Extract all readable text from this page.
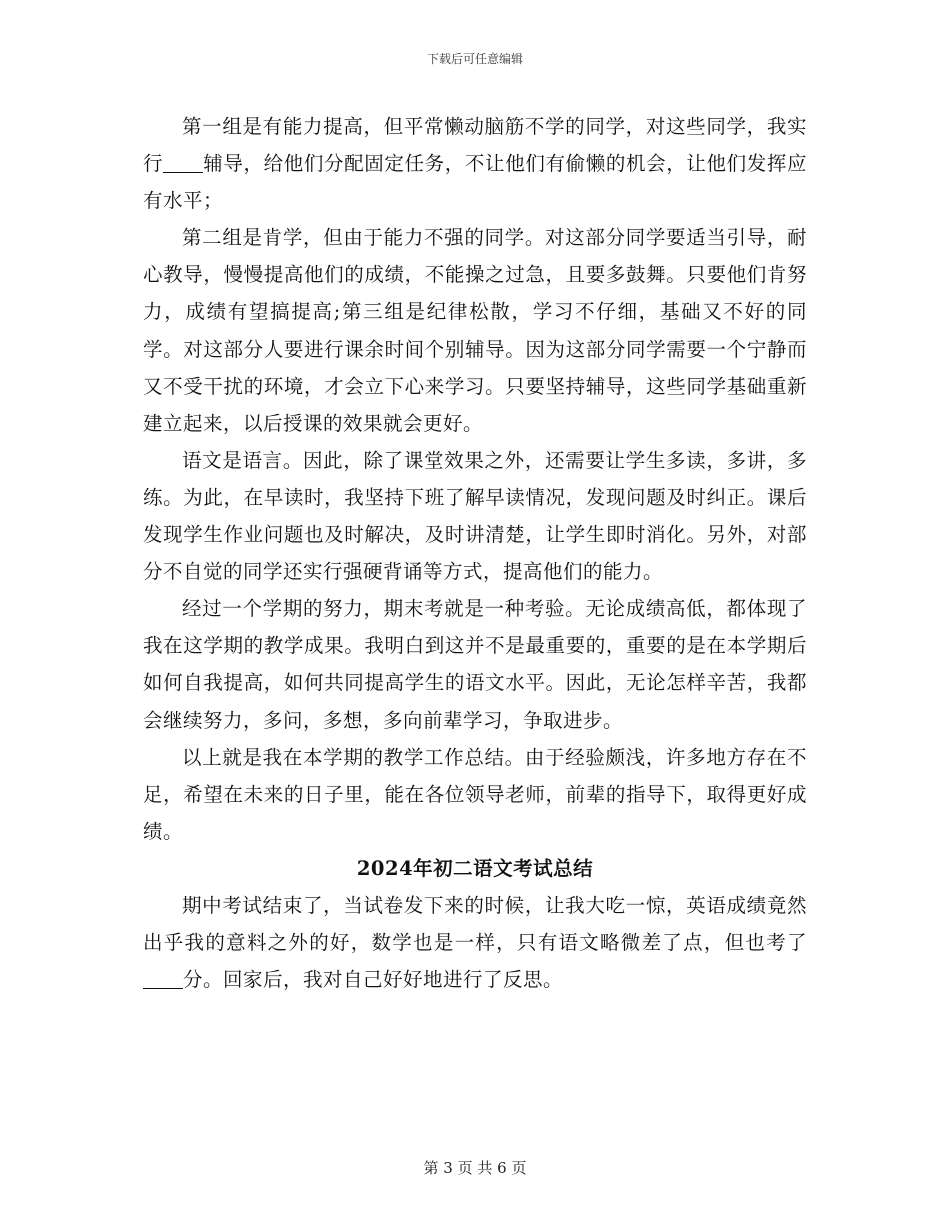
下载后可任意编辑

第一组是有能力提高，但平常懒动脑筋不学的同学，对这些同学，我实行 辅导，给他们分配固定任务，不让他们有偷懒的机会，让他们发挥应有水平；

第二组是肯学，但由于能力不强的同学。对这部分同学要适当引导，耐心教导，慢慢提高他们的成绩，不能操之过急，且要多鼓舞。只要他们肯努力，成绩有望搞提高;第三组是纪律松散，学习不仔细，基础又不好的同学。对这部分人要进行课余时间个别辅导。因为这部分同学需要一个宁静而又不受干扰的环境，才会立下心来学习。只要坚持辅导，这些同学基础重新建立起来，以后授课的效果就会更好。

语文是语言。因此，除了课堂效果之外，还需要让学生多读，多讲，多练。为此，在早读时，我坚持下班了解早读情况，发现问题及时纠正。课后发现学生作业问题也及时解决，及时讲清楚，让学生即时消化。另外，对部分不自觉的同学还实行强硬背诵等方式，提高他们的能力。

经过一个学期的努力，期末考就是一种考验。无论成绩高低，都体现了我在这学期的教学成果。我明白到这并不是最重要的，重要的是在本学期后如何自我提高，如何共同提高学生的语文水平。因此，无论怎样辛苦，我都会继续努力，多问，多想，多向前辈学习，争取进步。

以上就是我在本学期的教学工作总结。由于经验颇浅，许多地方存在不足，希望在未来的日子里，能在各位领导老师，前辈的指导下，取得更好成绩。

2024年初二语文考试总结

期中考试结束了，当试卷发下来的时候，让我大吃一惊，英语成绩竟然出乎我的意料之外的好，数学也是一样，只有语文略微差了点，但也考了分。回家后，我对自己好好地进行了反思。

第 3 页 共 6 页
